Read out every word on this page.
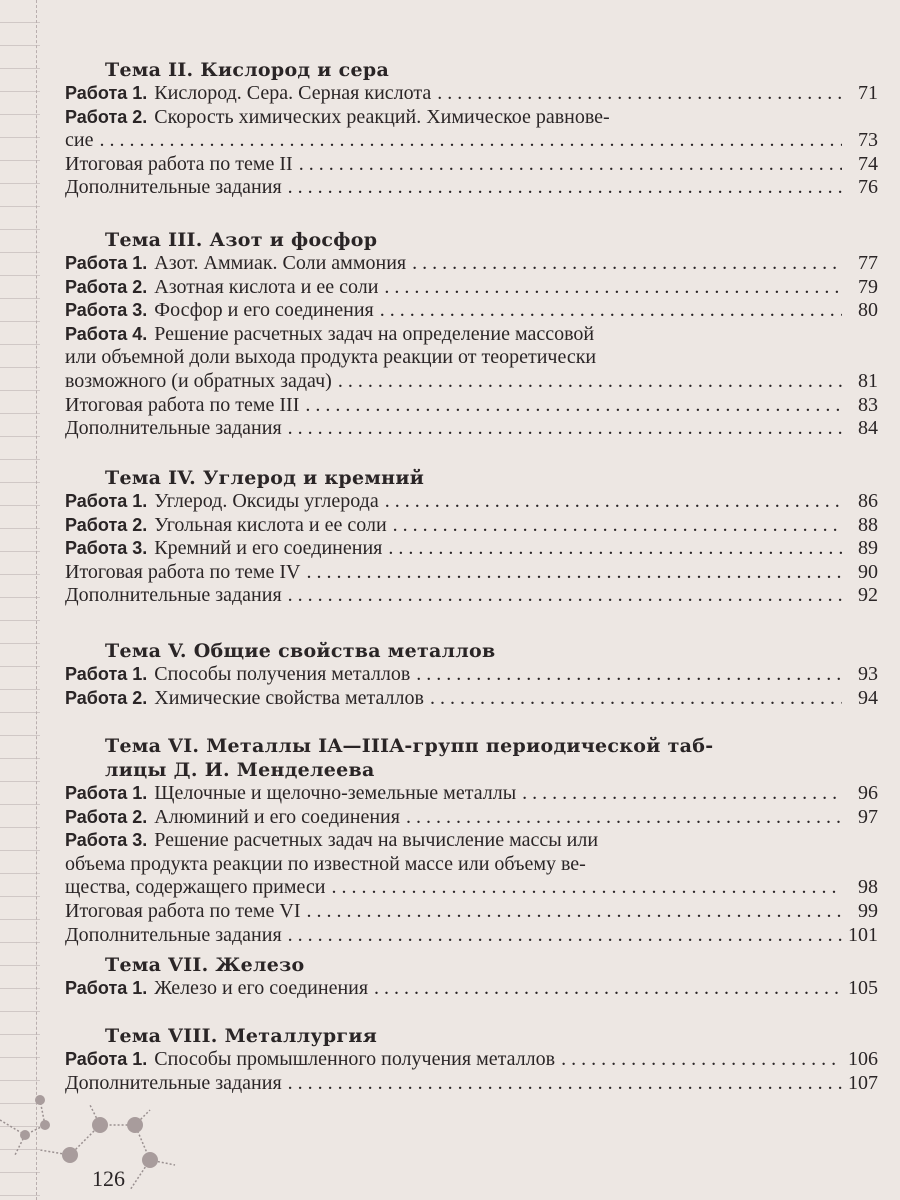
Тема II. Кислород и сера
Работа 1. Кислород. Сера. Серная кислота . . .	71
Работа 2. Скорость химических реакций. Химическое равнове-
сие . . .	73
Итоговая работа по теме II . . .	74
Дополнительные задания . . .	76
Тема III. Азот и фосфор
Работа 1. Азот. Аммиак. Соли аммония . . .	77
Работа 2. Азотная кислота и ее соли . . .	79
Работа 3. Фосфор и его соединения . . .	80
Работа 4. Решение расчетных задач на определение массовой
или объемной доли выхода продукта реакции от теоретически
возможного (и обратных задач) . . .	81
Итоговая работа по теме III . . .	83
Дополнительные задания . . .	84
Тема IV. Углерод и кремний
Работа 1. Углерод. Оксиды углерода . . .	86
Работа 2. Угольная кислота и ее соли . . .	88
Работа 3. Кремний и его соединения . . .	89
Итоговая работа по теме IV . . .	90
Дополнительные задания . . .	92
Тема V. Общие свойства металлов
Работа 1. Способы получения металлов . . .	93
Работа 2. Химические свойства металлов . . .	94
Тема VI. Металлы IA—IIIA-групп периодической таб-
лицы Д. И. Менделеева
Работа 1. Щелочные и щелочно-земельные металлы . . .	96
Работа 2. Алюминий и его соединения . . .	97
Работа 3. Решение расчетных задач на вычисление массы или
объема продукта реакции по известной массе или объему ве-
щества, содержащего примеси . . .	98
Итоговая работа по теме VI . . .	99
Дополнительные задания . . .	101
Тема VII. Железо
Работа 1. Железо и его соединения . . .	105
Тема VIII. Металлургия
Работа 1. Способы промышленного получения металлов . . .	106
Дополнительные задания . . .	107
126
